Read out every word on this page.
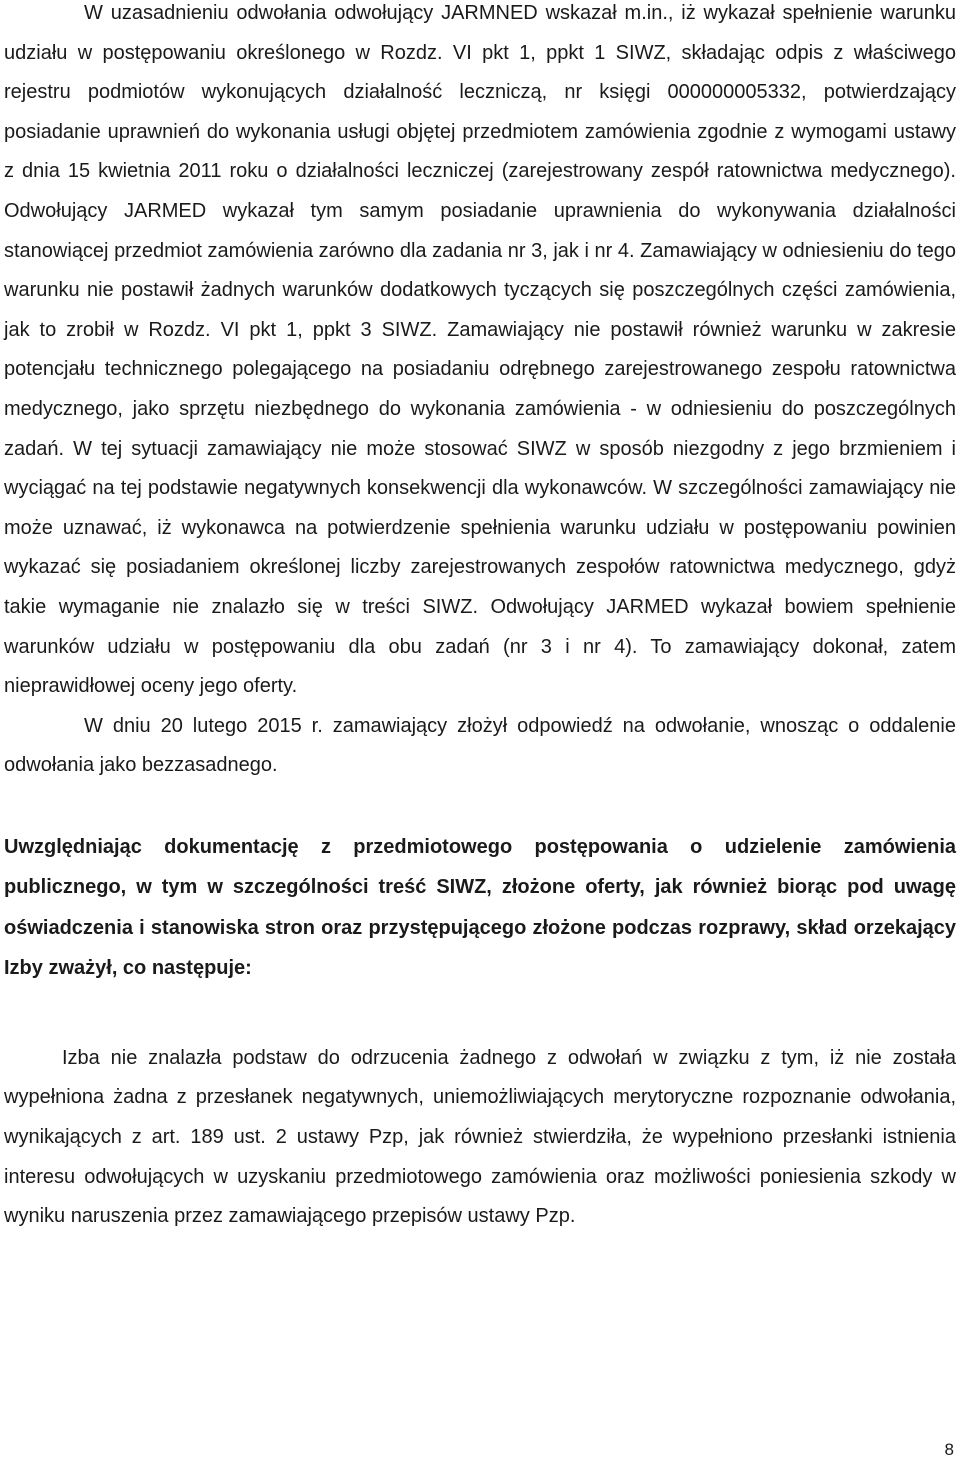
W uzasadnieniu odwołania odwołujący JARMNED wskazał m.in., iż wykazał spełnienie warunku udziału w postępowaniu określonego w Rozdz. VI pkt 1, ppkt 1 SIWZ, składając odpis z właściwego rejestru podmiotów wykonujących działalność leczniczą, nr księgi 000000005332, potwierdzający posiadanie uprawnień do wykonania usługi objętej przedmiotem zamówienia zgodnie z wymogami ustawy z dnia 15 kwietnia 2011 roku o działalności leczniczej (zarejestrowany zespół ratownictwa medycznego). Odwołujący JARMED wykazał tym samym posiadanie uprawnienia do wykonywania działalności stanowiącej przedmiot zamówienia zarówno dla zadania nr 3, jak i nr 4. Zamawiający w odniesieniu do tego warunku nie postawił żadnych warunków dodatkowych tyczących się poszczególnych części zamówienia, jak to zrobił w Rozdz. VI pkt 1, ppkt 3 SIWZ. Zamawiający nie postawił również warunku w zakresie potencjału technicznego polegającego na posiadaniu odrębnego zarejestrowanego zespołu ratownictwa medycznego, jako sprzętu niezbędnego do wykonania zamówienia - w odniesieniu do poszczególnych zadań. W tej sytuacji zamawiający nie może stosować SIWZ w sposób niezgodny z jego brzmieniem i wyciągać na tej podstawie negatywnych konsekwencji dla wykonawców. W szczególności zamawiający nie może uznawać, iż wykonawca na potwierdzenie spełnienia warunku udziału w postępowaniu powinien wykazać się posiadaniem określonej liczby zarejestrowanych zespołów ratownictwa medycznego, gdyż takie wymaganie nie znalazło się w treści SIWZ. Odwołujący JARMED wykazał bowiem spełnienie warunków udziału w postępowaniu dla obu zadań (nr 3 i nr 4). To zamawiający dokonał, zatem nieprawidłowej oceny jego oferty.

W dniu 20 lutego 2015 r. zamawiający złożył odpowiedź na odwołanie, wnosząc o oddalenie odwołania jako bezzasadnego.

Uwzględniając dokumentację z przedmiotowego postępowania o udzielenie zamówienia publicznego, w tym w szczególności treść SIWZ, złożone oferty, jak również biorąc pod uwagę oświadczenia i stanowiska stron oraz przystępującego złożone podczas rozprawy, skład orzekający Izby zważył, co następuje:

Izba nie znalazła podstaw do odrzucenia żadnego z odwołań w związku z tym, iż nie została wypełniona żadna z przesłanek negatywnych, uniemożliwiających merytoryczne rozpoznanie odwołania, wynikających z art. 189 ust. 2 ustawy Pzp, jak również stwierdziła, że wypełniono przesłanki istnienia interesu odwołujących w uzyskaniu przedmiotowego zamówienia oraz możliwości poniesienia szkody w wyniku naruszenia przez zamawiającego przepisów ustawy Pzp.

8
